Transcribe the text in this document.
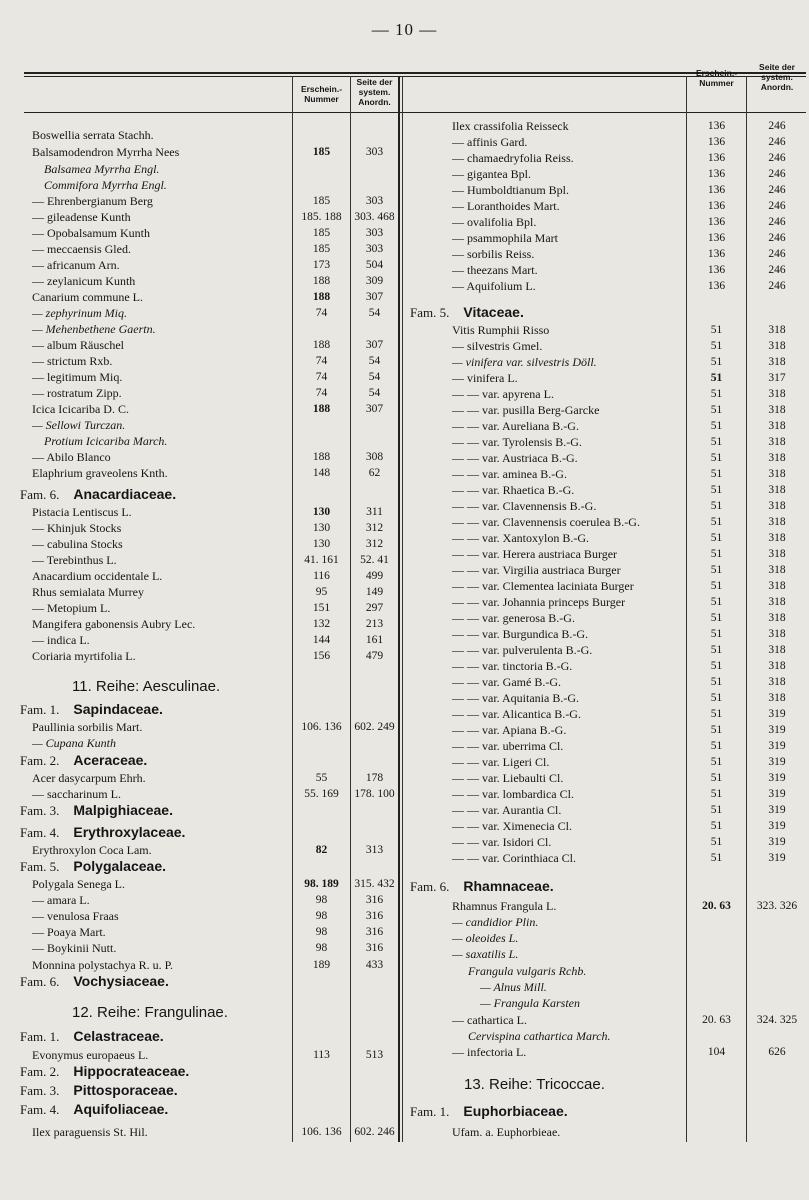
— 10 —
Erschein.- Nummer
Seite der system. Anordn.
Erschein.- Nummer
Seite der system. Anordn.
Boswellia serrata Stachh.
Balsamodendron Myrrha Nees	185	303
Balsamea Myrrha Engl.
Commifora Myrrha Engl.
— Ehrenbergianum Berg	185	303
— gileadense Kunth	185. 188	303. 468
— Opobalsamum Kunth	185	303
— meccaensis Gled.	185	303
— africanum Arn.	173	504
— zeylanicum Kunth	188	309
Canarium commune L.	188	307
— zephyrinum Miq.	74	54
— Mehenbethene Gaertn.
— album Räuschel	188	307
— strictum Rxb.	74	54
— legitimum Miq.	74	54
— rostratum Zipp.	74	54
Icica Icicariba D. C.	188	307
— Sellowi Turczan.
Protium Icicariba March.
— Abilo Blanco	188	308
Elaphrium graveolens Knth.	148	62
Fam. 6. Anacardiaceae.
Pistacia Lentiscus L.	130	311
— Khinjuk Stocks	130	312
— cabulina Stocks	130	312
— Terebinthus L.	41. 161	52. 41
Anacardium occidentale L.	116	499
Rhus semialata Murrey	95	149
— Metopium L.	151	297
Mangifera gabonensis Aubry Lec.	132	213
— indica L.	144	161
Coriaria myrtifolia L.	156	479
11. Reihe: Aesculinae.
Fam. 1. Sapindaceae.
Paullinia sorbilis Mart.	106. 136	602. 249
— Cupana Kunth
Fam. 2. Aceraceae.
Acer dasycarpum Ehrh.	55	178
— saccharinum L.	55. 169	178. 100
Fam. 3. Malpighiaceae.
Fam. 4. Erythroxylaceae.
Erythroxylon Coca Lam.	82	313
Fam. 5. Polygalaceae.
Polygala Senega L.	98. 189	315. 432
— amara L.	98	316
— venulosa Fraas	98	316
— Poaya Mart.	98	316
— Boykinii Nutt.	98	316
Monnina polystachya R. u. P.	189	433
Fam. 6. Vochysiaceae.
12. Reihe: Frangulinae.
Fam. 1. Celastraceae.
Evonymus europaeus L.	113	513
Fam. 2. Hippocrateaceae.
Fam. 3. Pittosporaceae.
Fam. 4. Aquifoliaceae.
Ilex paraguensis St. Hil.	106. 136	602. 246
Ilex crassifolia Reisseck	136	246
— affinis Gard.	136	246
— chamaedryfolia Reiss.	136	246
— gigantea Bpl.	136	246
— Humboldtianum Bpl.	136	246
— Loranthoides Mart.	136	246
— ovalifolia Bpl.	136	246
— psammophila Mart	136	246
— sorbilis Reiss.	136	246
— theezans Mart.	136	246
— Aquifolium L.	136	246
Fam. 5. Vitaceae.
Vitis Rumphii Risso	51	318
— silvestris Gmel.	51	318
— vinifera var. silvestris Döll.	51	318
— vinifera L.	51	317
— — var. apyrena L.	51	318
— — var. pusilla Berg-Garcke	51	318
— — var. Aureliana B.-G.	51	318
— — var. Tyrolensis B.-G.	51	318
— — var. Austriaca B.-G.	51	318
— — var. aminea B.-G.	51	318
— — var. Rhaetica B.-G.	51	318
— — var. Clavennensis B.-G.	51	318
— — var. Clavennensis coerulea B.-G.	51	318
— — var. Xantoxylon B.-G.	51	318
— — var. Herera austriaca Burger	51	318
— — var. Virgilia austriaca Burger	51	318
— — var. Clementea laciniata Burger	51	318
— — var. Johannia princeps Burger	51	318
— — var. generosa B.-G.	51	318
— — var. Burgundica B.-G.	51	318
— — var. pulverulenta B.-G.	51	318
— — var. tinctoria B.-G.	51	318
— — var. Gamé B.-G.	51	318
— — var. Aquitania B.-G.	51	318
— — var. Alicantica B.-G.	51	319
— — var. Apiana B.-G.	51	319
— — var. uberrima Cl.	51	319
— — var. Ligeri Cl.	51	319
— — var. Liebaulti Cl.	51	319
— — var. lombardica Cl.	51	319
— — var. Aurantia Cl.	51	319
— — var. Ximenecia Cl.	51	319
— — var. Isidori Cl.	51	319
— — var. Corinthiaca Cl.	51	319
Fam. 6. Rhamnaceae.
Rhamnus Frangula L.	20. 63	323. 326
— candidior Plin.
— oleoides L.
— saxatilis L.
Frangula vulgaris Rchb.
— Alnus Mill.
— Frangula Karsten
— cathartica L.	20. 63	324. 325
Cervispina cathartica March.
— infectoria L.	104	626
13. Reihe: Tricoccae.
Fam. 1. Euphorbiaceae.
Ufam. a. Euphorbieae.
